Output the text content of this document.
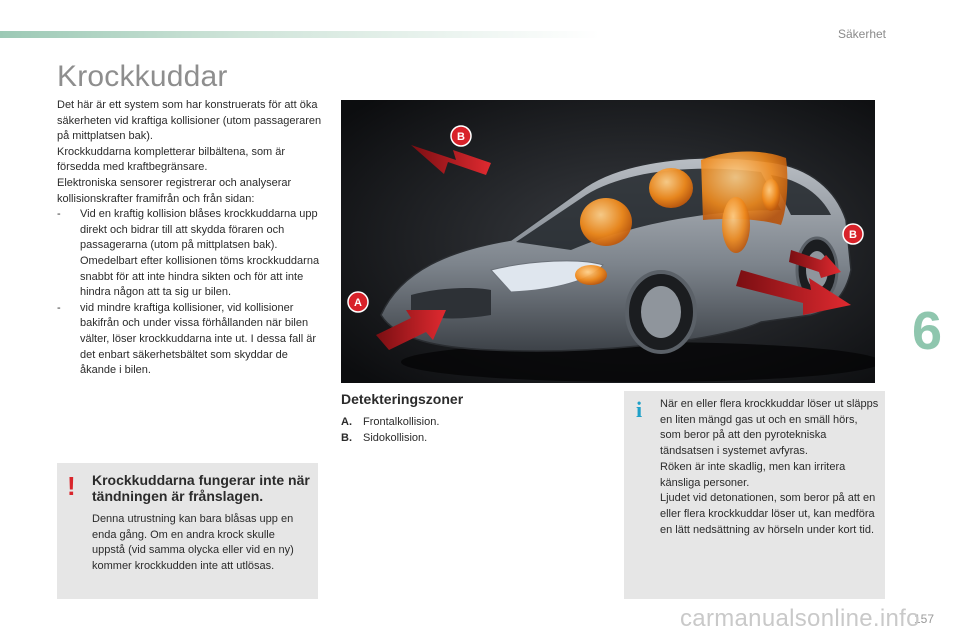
Säkerhet
Krockkuddar

Det här är ett system som har konstruerats för att öka säkerheten vid kraftiga kollisioner (utom passageraren på mittplatsen bak).

Krockkuddarna kompletterar bilbältena, som är försedda med kraftbegränsare.

Elektroniska sensorer registrerar och analyserar kollisionskrafter framifrån och från sidan:

- Vid en kraftig kollision blåses krockkuddarna upp direkt och bidrar till att skydda föraren och passagerarna (utom på mittplatsen bak). Omedelbart efter kollisionen töms krockkuddarna snabbt för att inte hindra sikten och för att inte hindra någon att ta sig ur bilen.
- vid mindre kraftiga kollisioner, vid kollisioner bakifrån och under vissa förhållanden när bilen välter, löser krockkuddarna inte ut. I dessa fall är det enbart säkerhetsbältet som skyddar de åkande i bilen.
! Krockkuddarna fungerar inte när tändningen är frånslagen.
Denna utrustning kan bara blåsas upp en enda gång. Om en andra krock skulle uppstå (vid samma olycka eller vid en ny) kommer krockkudden inte att utlösas.
B
B
A
Detekteringszoner
A. Frontalkollision.
B. Sidokollision.
i När en eller flera krockkuddar löser ut släpps en liten mängd gas ut och en smäll hörs, som beror på att den pyrotekniska tändsatsen i systemet avfyras.

Röken är inte skadlig, men kan irritera känsliga personer.

Ljudet vid detonationen, som beror på att en eller flera krockkuddar löser ut, kan medföra en lätt nedsättning av hörseln under kort tid.

6
157
carmanualsonline.info
